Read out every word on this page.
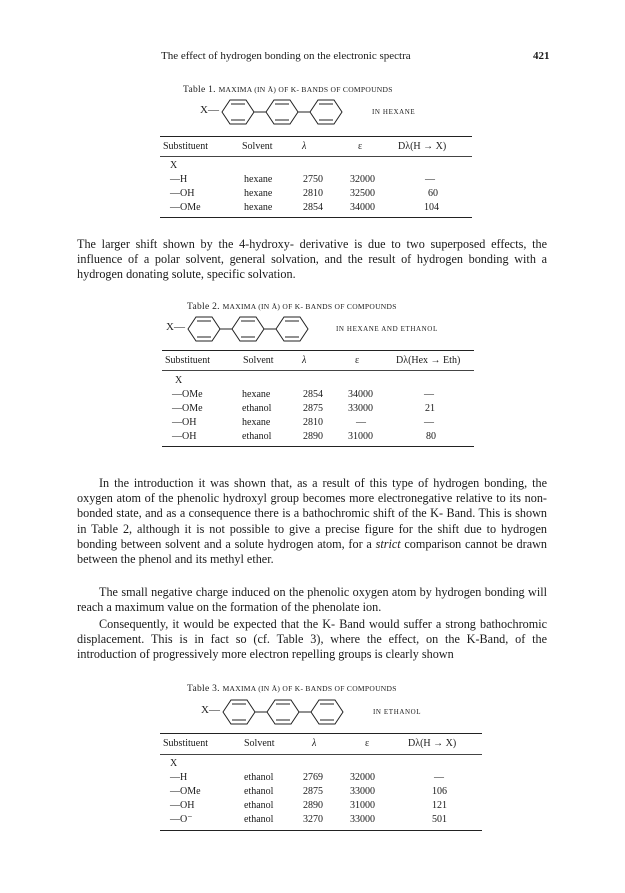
The effect of hydrogen bonding on the electronic spectra	421
Table 1. MAXIMA (IN Å) OF K- BANDS OF COMPOUNDS
X—	IN HEXANE
Substituent	Solvent	λ	ε	Dλ(H → X)
X
—H	hexane	2750	32000	—
—OH	hexane	2810	32500	60
—OMe	hexane	2854	34000	104

The larger shift shown by the 4-hydroxy- derivative is due to two superposed effects, the influence of a polar solvent, general solvation, and the result of hydrogen bonding with a hydrogen donating solute, specific solvation.

Table 2. MAXIMA (IN Å) OF K- BANDS OF COMPOUNDS
X—	IN HEXANE AND ETHANOL
Substituent	Solvent	λ	ε	Dλ(Hex → Eth)
X
—OMe	hexane	2854	34000	—
—OMe	ethanol	2875	33000	21
—OH	hexane	2810	—	—
—OH	ethanol	2890	31000	80

In the introduction it was shown that, as a result of this type of hydrogen bonding, the oxygen atom of the phenolic hydroxyl group becomes more electronegative relative to its non-bonded state, and as a consequence there is a bathochromic shift of the K- Band. This is shown in Table 2, although it is not possible to give a precise figure for the shift due to hydrogen bonding between solvent and a solute hydrogen atom, for a strict comparison cannot be drawn between the phenol and its methyl ether.

The small negative charge induced on the phenolic oxygen atom by hydrogen bonding will reach a maximum value on the formation of the phenolate ion.

Consequently, it would be expected that the K- Band would suffer a strong bathochromic displacement. This is in fact so (cf. Table 3), where the effect, on the K-Band, of the introduction of progressively more electron repelling groups is clearly shown

Table 3. MAXIMA (IN Å) OF K- BANDS OF COMPOUNDS
X—	IN ETHANOL
Substituent	Solvent	λ	ε	Dλ(H → X)
X
—H	ethanol	2769	32000	—
—OMe	ethanol	2875	33000	106
—OH	ethanol	2890	31000	121
—O⁻	ethanol	3270	33000	501
